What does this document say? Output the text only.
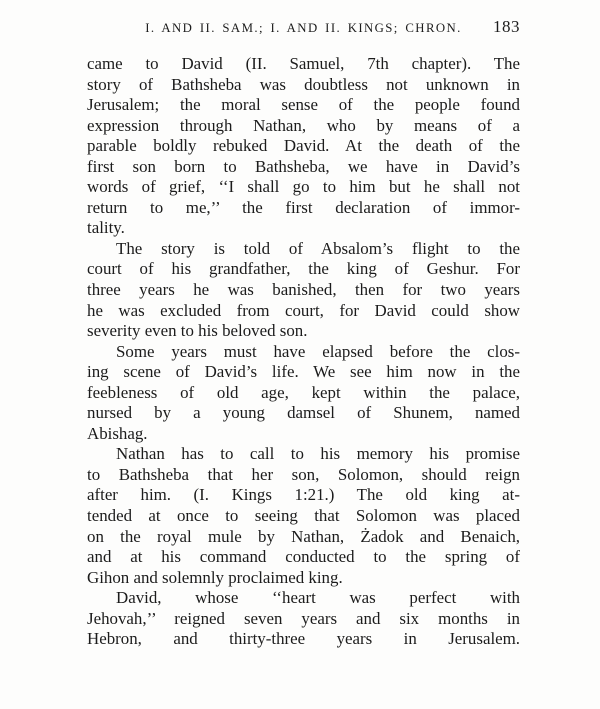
I. AND II. SAM.; I. AND II. KINGS; CHRON. 183
came to David (II. Samuel, 7th chapter). The
story of Bathsheba was doubtless not unknown in
Jerusalem; the moral sense of the people found
expression through Nathan, who by means of a
parable boldly rebuked David. At the death of the
first son born to Bathsheba, we have in David’s
words of grief, ‘‘I shall go to him but he shall not
return to me,’’ the first declaration of immor-
tality.
The story is told of Absalom’s flight to the
court of his grandfather, the king of Geshur. For
three years he was banished, then for two years
he was excluded from court, for David could show
severity even to his beloved son.
Some years must have elapsed before the clos-
ing scene of David’s life. We see him now in the
feebleness of old age, kept within the palace,
nursed by a young damsel of Shunem, named
Abishag.
Nathan has to call to his memory his promise
to Bathsheba that her son, Solomon, should reign
after him. (I. Kings 1:21.) The old king at-
tended at once to seeing that Solomon was placed
on the royal mule by Nathan, Żadok and Benaich,
and at his command conducted to the spring of
Gihon and solemnly proclaimed king.
David, whose ‘‘heart was perfect with
Jehovah,’’ reigned seven years and six months in
Hebron, and thirty-three years in Jerusalem.
